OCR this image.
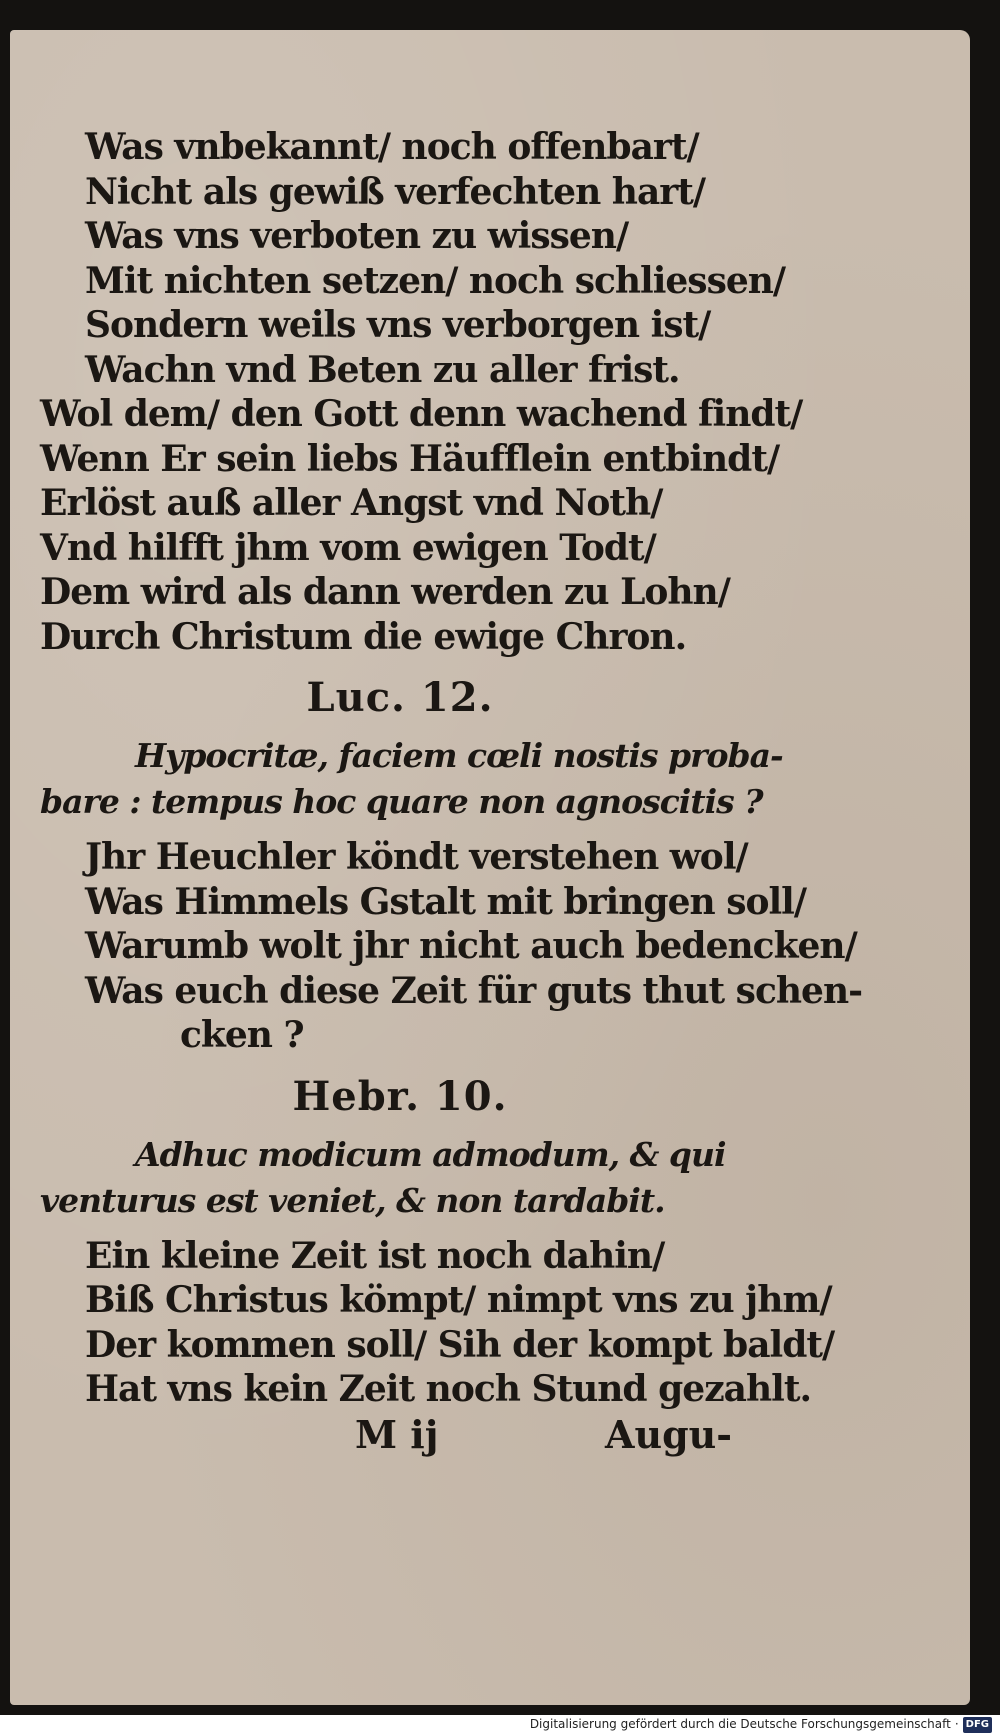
Was vnbekannt/ noch offenbart/
Nicht als gewiß verfechten hart/
Was vns verboten zu wissen/
Mit nichten setzen/ noch schliessen/
Sondern weils vns verborgen ist/
Wachn vnd Beten zu aller frist.
Wol dem/ den Gott denn wachend findt/
Wenn Er sein liebs Häufflein entbindt/
Erlöst auß aller Angst vnd Noth/
Vnd hilfft jhm vom ewigen Todt/
Dem wird als dann werden zu Lohn/
Durch Christum die ewige Chron.
Luc. 12.
Hypocritæ, faciem cœli nostis proba-
bare : tempus hoc quare non agnoscitis ?
Jhr Heuchler köndt verstehen wol/
Was Himmels Gstalt mit bringen soll/
Warumb wolt jhr nicht auch bedencken/
Was euch diese Zeit für guts thut schen-
cken ?
Hebr. 10.
Adhuc modicum admodum, & qui
venturus est veniet, & non tardabit.
Ein kleine Zeit ist noch dahin/
Biß Christus kömpt/ nimpt vns zu jhm/
Der kommen soll/ Sih der kompt baldt/
Hat vns kein Zeit noch Stund gezahlt.
M ij	Augu-
Digitalisierung gefördert durch die Deutsche Forschungsgemeinschaft · DFG
